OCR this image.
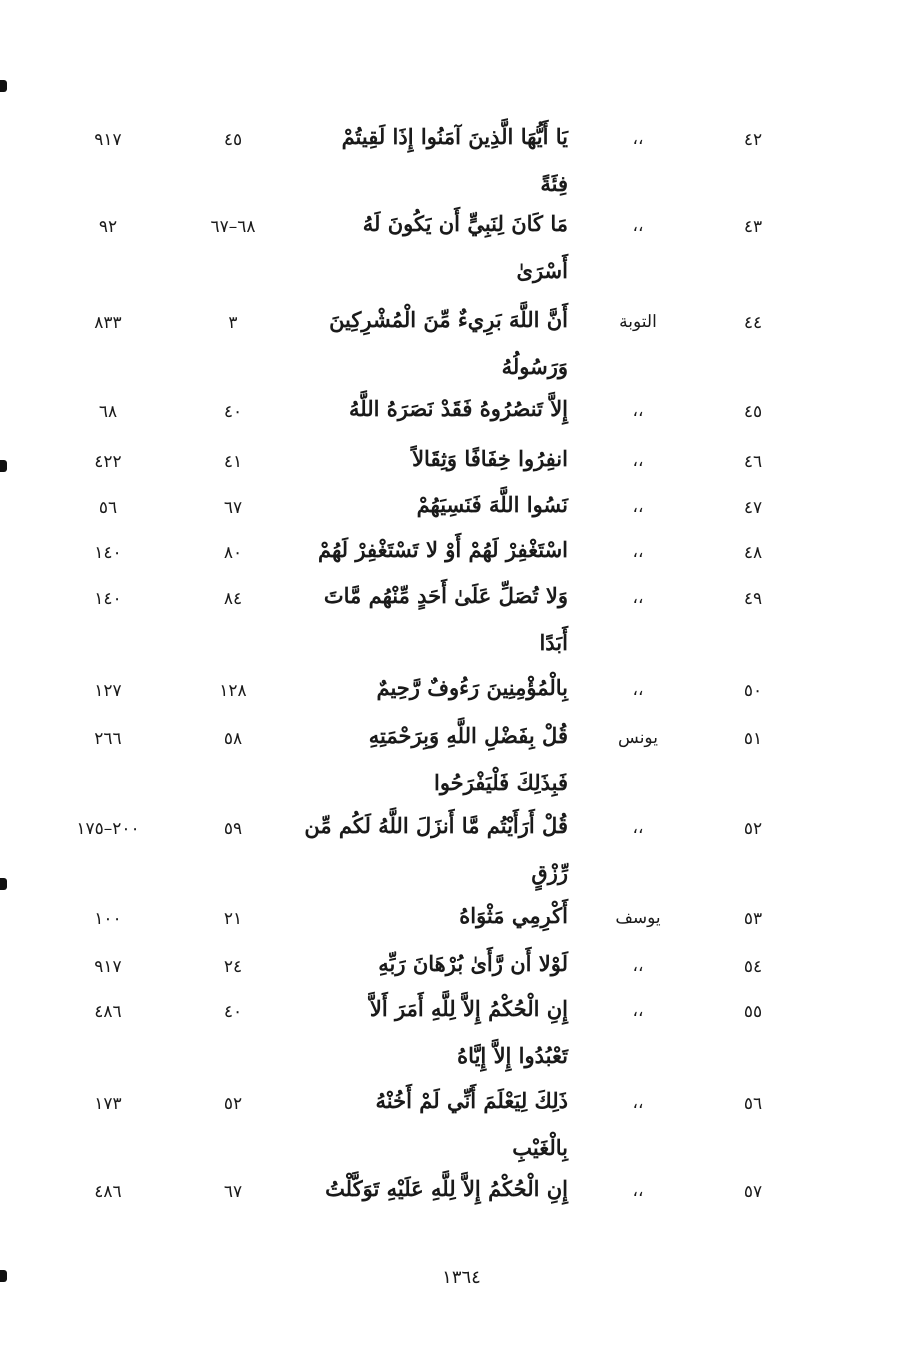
٤٢
،،
يَا أَيُّهَا الَّذِينَ آمَنُوا إِذَا لَقِيتُمْ
فِئَةً
٤٥
٩١٧
٤٣
،،
مَا كَانَ لِنَبِيٍّ أَن يَكُونَ لَهُ
أَسْرَىٰ
٦٨–٦٧
٩٢
٤٤
التوبة
أَنَّ اللَّهَ بَرِيءٌ مِّنَ الْمُشْرِكِينَ
وَرَسُولُهُ
٣
٨٣٣
٤٥
،،
إِلاَّ تَنصُرُوهُ فَقَدْ نَصَرَهُ اللَّهُ
٤٠
٦٨
٤٦
،،
انفِرُوا خِفَافًا وَثِقَالاً
٤١
٤٢٢
٤٧
،،
نَسُوا اللَّهَ فَنَسِيَهُمْ
٦٧
٥٦
٤٨
،،
اسْتَغْفِرْ لَهُمْ أَوْ لا تَسْتَغْفِرْ لَهُمْ
٨٠
١٤٠
٤٩
،،
وَلا تُصَلِّ عَلَىٰ أَحَدٍ مِّنْهُم مَّاتَ
أَبَدًا
٨٤
١٤٠
٥٠
،،
بِالْمُؤْمِنِينَ رَءُوفٌ رَّحِيمٌ
١٢٨
١٢٧
٥١
يونس
قُلْ بِفَضْلِ اللَّهِ وَبِرَحْمَتِهِ
فَبِذَلِكَ فَلْيَفْرَحُوا
٥٨
٢٦٦
٥٢
،،
قُلْ أَرَأَيْتُم مَّا أَنزَلَ اللَّهُ لَكُم مِّن
رِّزْقٍ
٥٩
٢٠٠–١٧٥
٥٣
يوسف
أَكْرِمِي مَثْوَاهُ
٢١
١٠٠
٥٤
،،
لَوْلا أَن رَّأَىٰ بُرْهَانَ رَبِّهِ
٢٤
٩١٧
٥٥
،،
إِنِ الْحُكْمُ إِلاَّ لِلَّهِ أَمَرَ أَلاَّ
تَعْبُدُوا إِلاَّ إِيَّاهُ
٤٠
٤٨٦
٥٦
،،
ذَلِكَ لِيَعْلَمَ أَنِّي لَمْ أَخُنْهُ
بِالْغَيْبِ
٥٢
١٧٣
٥٧
،،
إِنِ الْحُكْمُ إِلاَّ لِلَّهِ عَلَيْهِ تَوَكَّلْتُ
٦٧
٤٨٦
١٣٦٤
